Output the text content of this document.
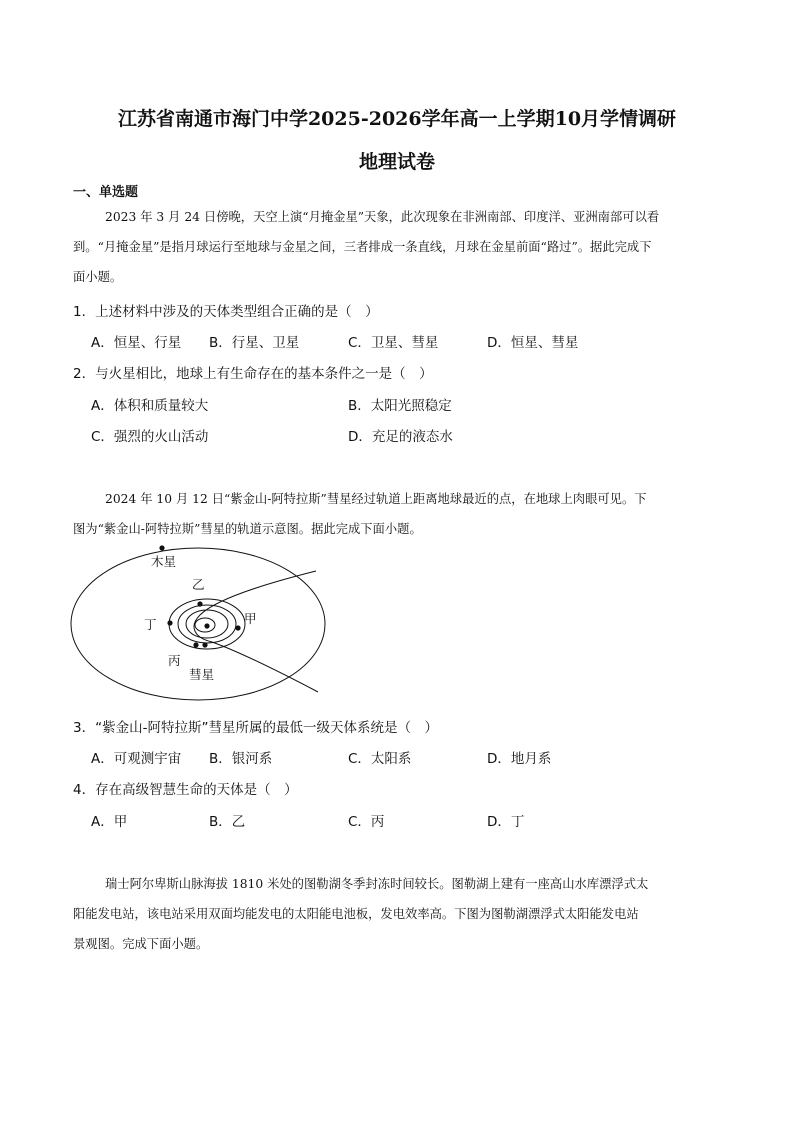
江苏省南通市海门中学2025-2026学年高一上学期10月学情调研
地理试卷
一、单选题
2023 年 3 月 24 日傍晚，天空上演“月掩金星”天象，此次现象在非洲南部、印度洋、亚洲南部可以看
到。“月掩金星”是指月球运行至地球与金星之间，三者排成一条直线，月球在金星前面“路过”。据此完成下
面小题。
1．上述材料中涉及的天体类型组合正确的是（　）
A．恒星、行星 B．行星、卫星	C．卫星、彗星	D．恒星、彗星
2．与火星相比，地球上有生命存在的基本条件之一是（　）
A．体积和质量较大	B．太阳光照稳定
C．强烈的火山活动	D．充足的液态水
2024 年 10 月 12 日“紫金山-阿特拉斯”彗星经过轨道上距离地球最近的点，在地球上肉眼可见。下
图为“紫金山-阿特拉斯”彗星的轨道示意图。据此完成下面小题。
木星
乙
甲
丁
丙
彗星
3．“紫金山-阿特拉斯”彗星所属的最低一级天体系统是（　）
A．可观测宇宙 B．银河系	C．太阳系	D．地月系
4．存在高级智慧生命的天体是（　）
A．甲	B．乙	C．丙	D．丁
瑞士阿尔卑斯山脉海拔 1810 米处的图勒湖冬季封冻时间较长。图勒湖上建有一座高山水库漂浮式太
阳能发电站，该电站采用双面均能发电的太阳能电池板，发电效率高。下图为图勒湖漂浮式太阳能发电站
景观图。完成下面小题。
